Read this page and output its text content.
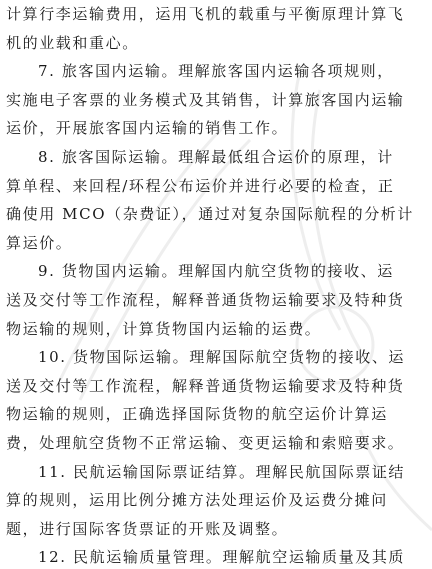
计算行李运输费用，运用飞机的载重与平衡原理计算飞
机的业载和重心。
7. 旅客国内运输。理解旅客国内运输各项规则，
实施电子客票的业务模式及其销售，计算旅客国内运输
运价，开展旅客国内运输的销售工作。
8. 旅客国际运输。理解最低组合运价的原理，计
算单程、来回程/环程公布运价并进行必要的检查，正
确使用 MCO（杂费证），通过对复杂国际航程的分析计
算运价。
9. 货物国内运输。理解国内航空货物的接收、运
送及交付等工作流程，解释普通货物运输要求及特种货
物运输的规则，计算货物国内运输的运费。
10. 货物国际运输。理解国际航空货物的接收、运
送及交付等工作流程，解释普通货物运输要求及特种货
物运输的规则，正确选择国际货物的航空运价计算运
费，处理航空货物不正常运输、变更运输和索赔要求。
11. 民航运输国际票证结算。理解民航国际票证结
算的规则，运用比例分摊方法处理运价及运费分摊问
题，进行国际客货票证的开账及调整。
12. 民航运输质量管理。理解航空运输质量及其质
